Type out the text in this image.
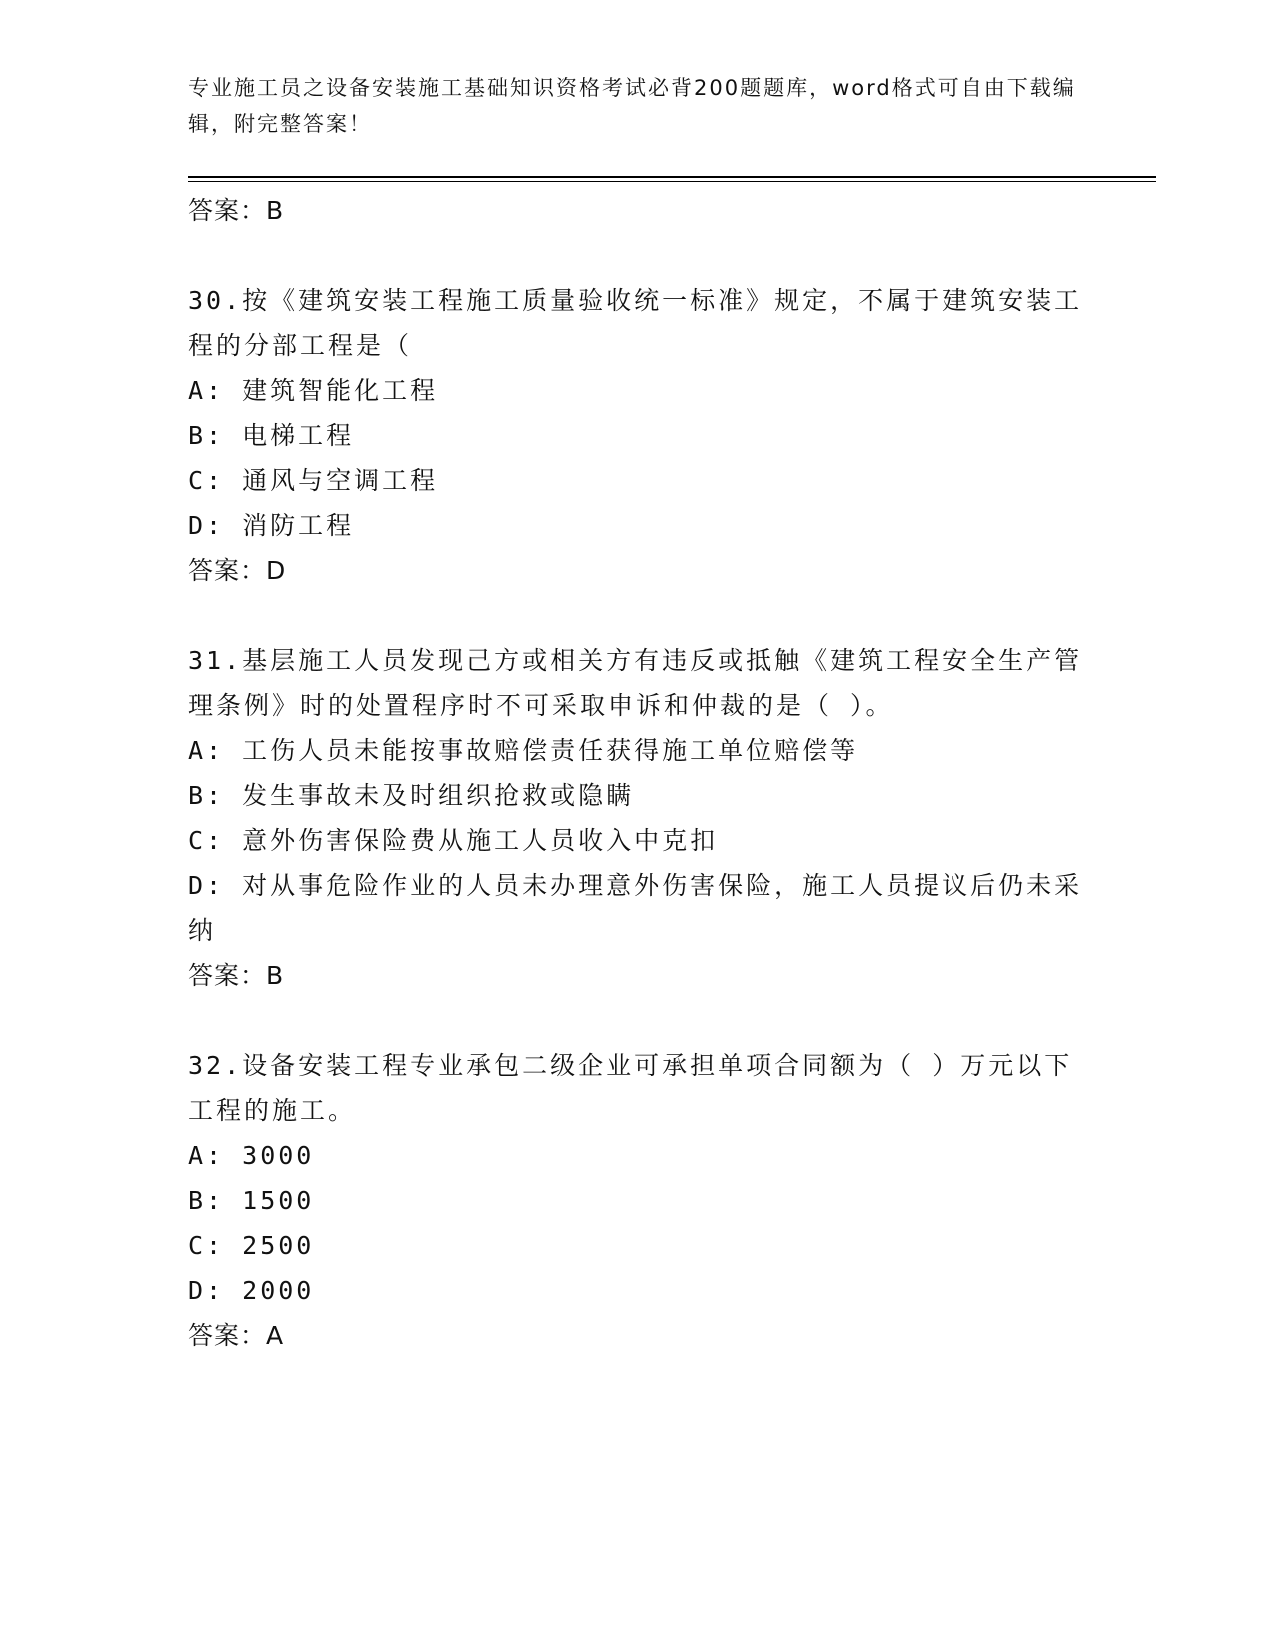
专业施工员之设备安装施工基础知识资格考试必背200题题库，word格式可自由下载编辑，附完整答案！
答案：B
30.按《建筑安装工程施工质量验收统一标准》规定，不属于建筑安装工程的分部工程是（
A: 建筑智能化工程
B: 电梯工程
C: 通风与空调工程
D: 消防工程
答案：D
31.基层施工人员发现己方或相关方有违反或抵触《建筑工程安全生产管理条例》时的处置程序时不可采取申诉和仲裁的是（ ）。
A: 工伤人员未能按事故赔偿责任获得施工单位赔偿等
B: 发生事故未及时组织抢救或隐瞒
C: 意外伤害保险费从施工人员收入中克扣
D: 对从事危险作业的人员未办理意外伤害保险，施工人员提议后仍未采纳
答案：B
32.设备安装工程专业承包二级企业可承担单项合同额为（ ）万元以下工程的施工。
A: 3000
B: 1500
C: 2500
D: 2000
答案：A
